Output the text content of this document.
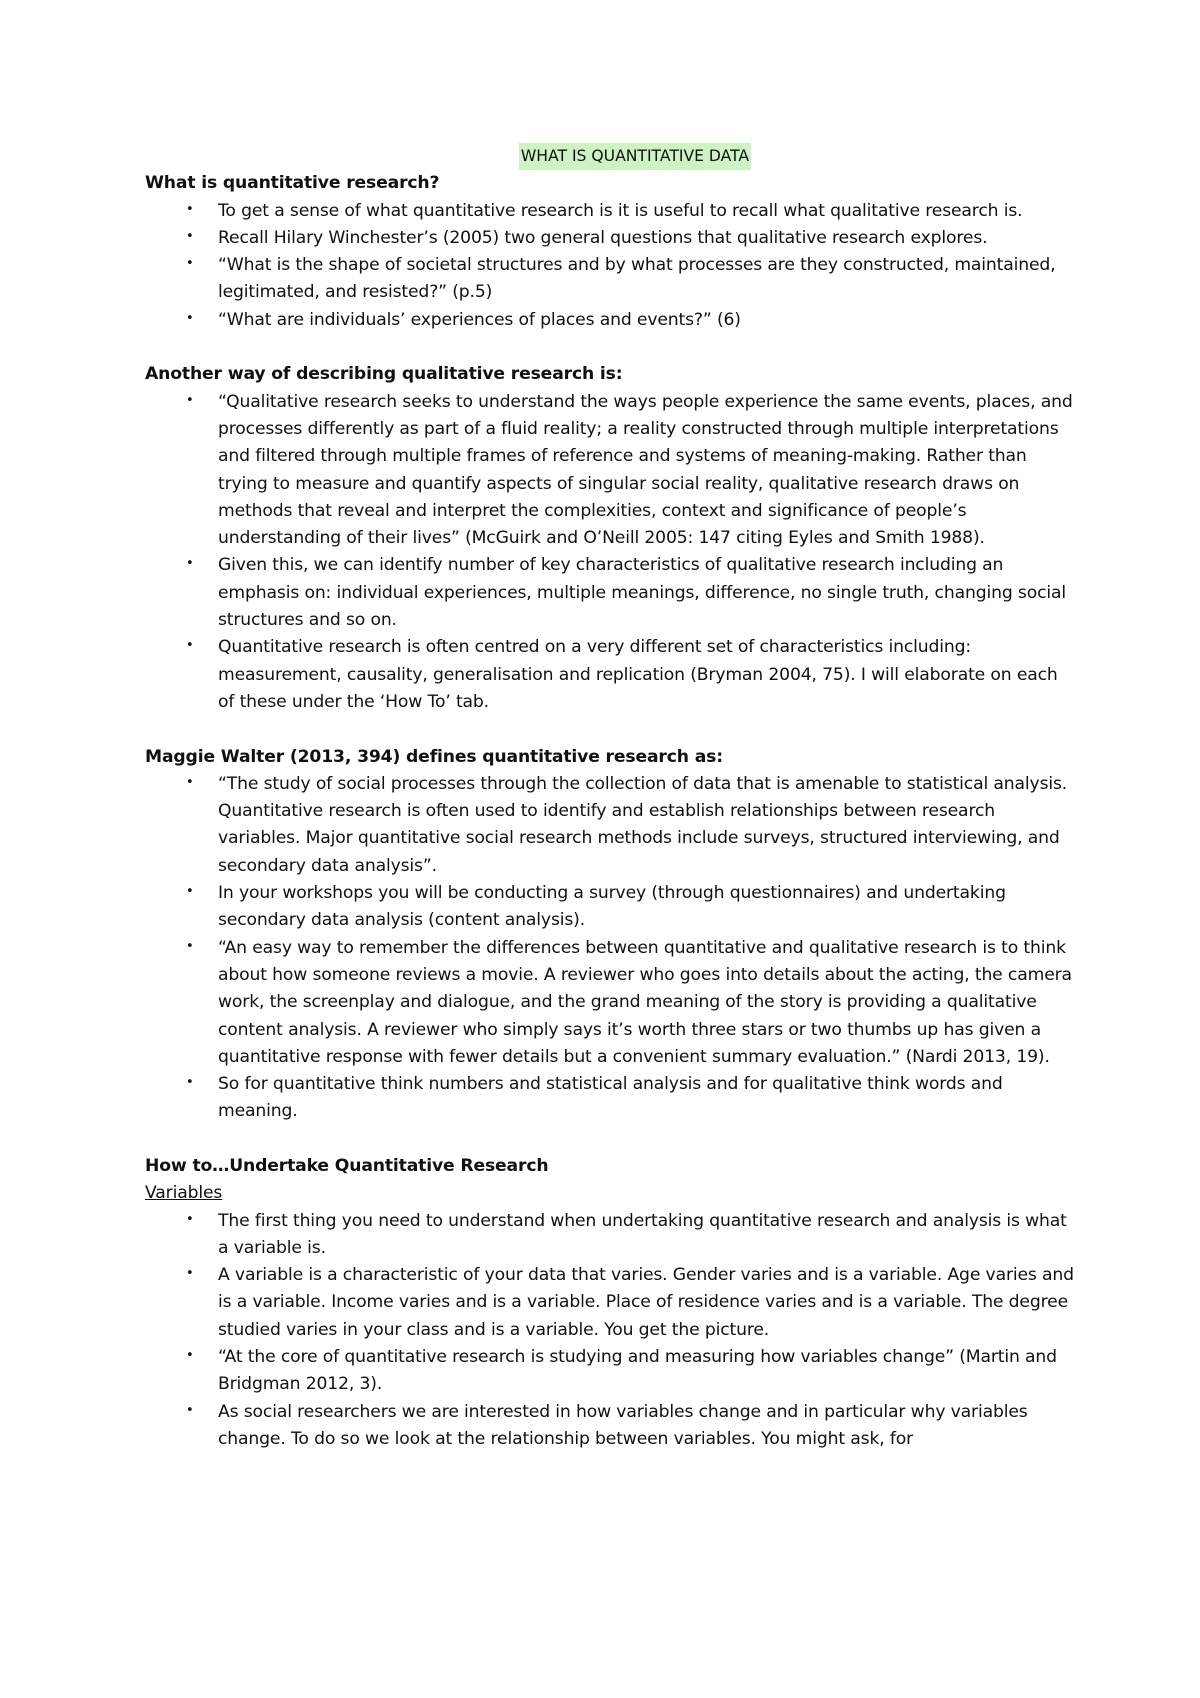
WHAT IS QUANTITATIVE DATA

What is quantitative research?

• To get a sense of what quantitative research is it is useful to recall what qualitative research is.
• Recall Hilary Winchester’s (2005) two general questions that qualitative research explores.
• “What is the shape of societal structures and by what processes are they constructed, maintained, legitimated, and resisted?” (p.5)
• “What are individuals’ experiences of places and events?” (6)

Another way of describing qualitative research is:

• “Qualitative research seeks to understand the ways people experience the same events, places, and processes differently as part of a fluid reality; a reality constructed through multiple interpretations and filtered through multiple frames of reference and systems of meaning-making. Rather than trying to measure and quantify aspects of singular social reality, qualitative research draws on methods that reveal and interpret the complexities, context and significance of people’s understanding of their lives” (McGuirk and O’Neill 2005: 147 citing Eyles and Smith 1988).
• Given this, we can identify number of key characteristics of qualitative research including an emphasis on: individual experiences, multiple meanings, difference, no single truth, changing social structures and so on.
• Quantitative research is often centred on a very different set of characteristics including: measurement, causality, generalisation and replication (Bryman 2004, 75). I will elaborate on each of these under the ‘How To’ tab.

Maggie Walter (2013, 394) defines quantitative research as:

• “The study of social processes through the collection of data that is amenable to statistical analysis. Quantitative research is often used to identify and establish relationships between research variables. Major quantitative social research methods include surveys, structured interviewing, and secondary data analysis”.
• In your workshops you will be conducting a survey (through questionnaires) and undertaking secondary data analysis (content analysis).
• “An easy way to remember the differences between quantitative and qualitative research is to think about how someone reviews a movie. A reviewer who goes into details about the acting, the camera work, the screenplay and dialogue, and the grand meaning of the story is providing a qualitative content analysis. A reviewer who simply says it’s worth three stars or two thumbs up has given a quantitative response with fewer details but a convenient summary evaluation.” (Nardi 2013, 19).
• So for quantitative think numbers and statistical analysis and for qualitative think words and meaning.

How to…Undertake Quantitative Research

Variables

• The first thing you need to understand when undertaking quantitative research and analysis is what a variable is.
• A variable is a characteristic of your data that varies. Gender varies and is a variable. Age varies and is a variable. Income varies and is a variable. Place of residence varies and is a variable. The degree studied varies in your class and is a variable. You get the picture.
• “At the core of quantitative research is studying and measuring how variables change” (Martin and Bridgman 2012, 3).
• As social researchers we are interested in how variables change and in particular why variables change. To do so we look at the relationship between variables. You might ask, for
